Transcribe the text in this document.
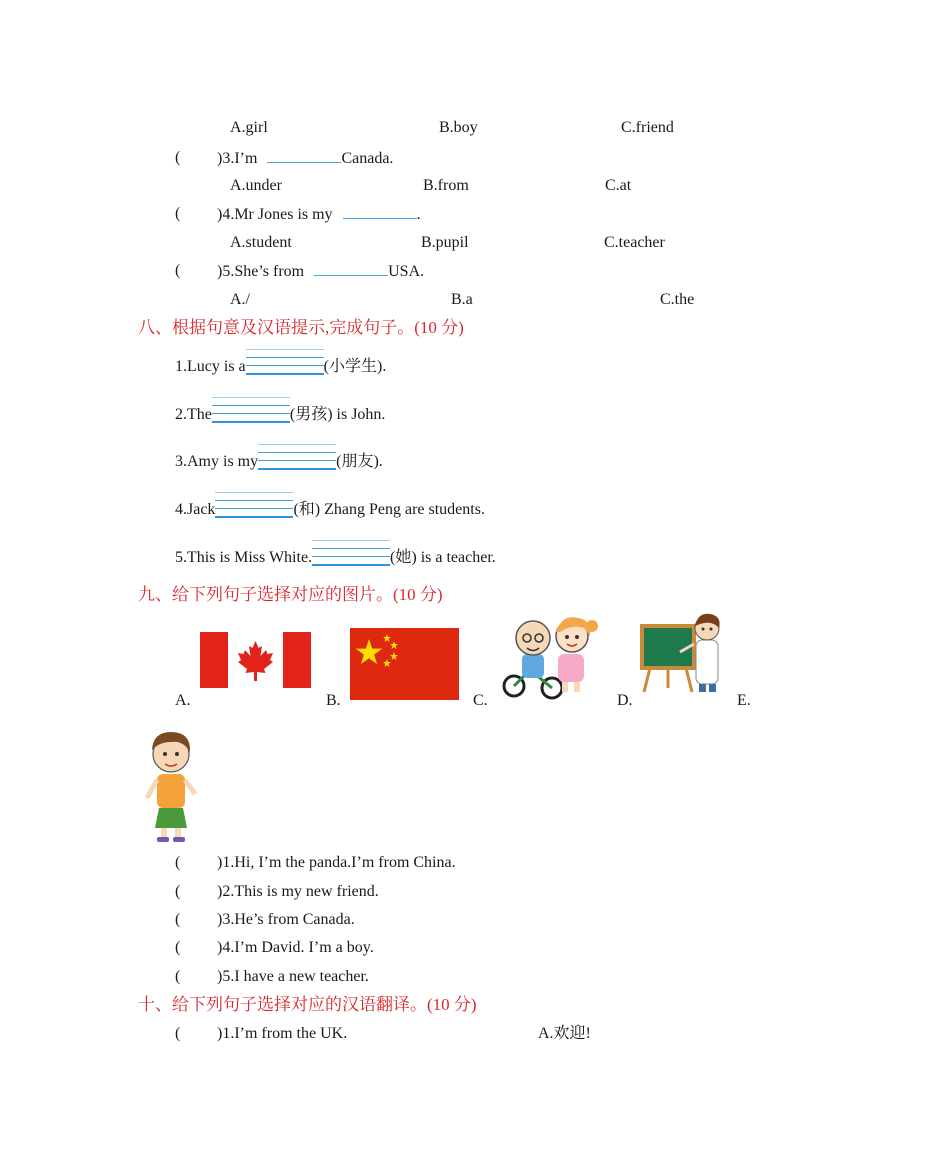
A.girl	B.boy	C.friend
( )3.I’m	Canada.
A.under	B.from	C.at
( )4.Mr Jones is my	.
A.student	B.pupil	C.teacher
( )5.She’s from	USA.
A./	B.a	C.the
八、根据句意及汉语提示,完成句子。(10 分)
1.Lucy is a	(小学生).
2.The	(男孩) is John.
3.Amy is my	(朋友).
4.Jack	(和) Zhang Peng are students.
5.This is Miss White.	(她) is a teacher.
九、给下列句子选择对应的图片。(10 分)
A.	B.	C.	D.	E.
( )1.Hi, I’m the panda.I’m from China.
( )2.This is my new friend.
( )3.He’s from Canada.
( )4.I’m David. I’m a boy.
( )5.I have a new teacher.
十、给下列句子选择对应的汉语翻译。(10 分)
( )1.I’m from the UK.	A.欢迎!
